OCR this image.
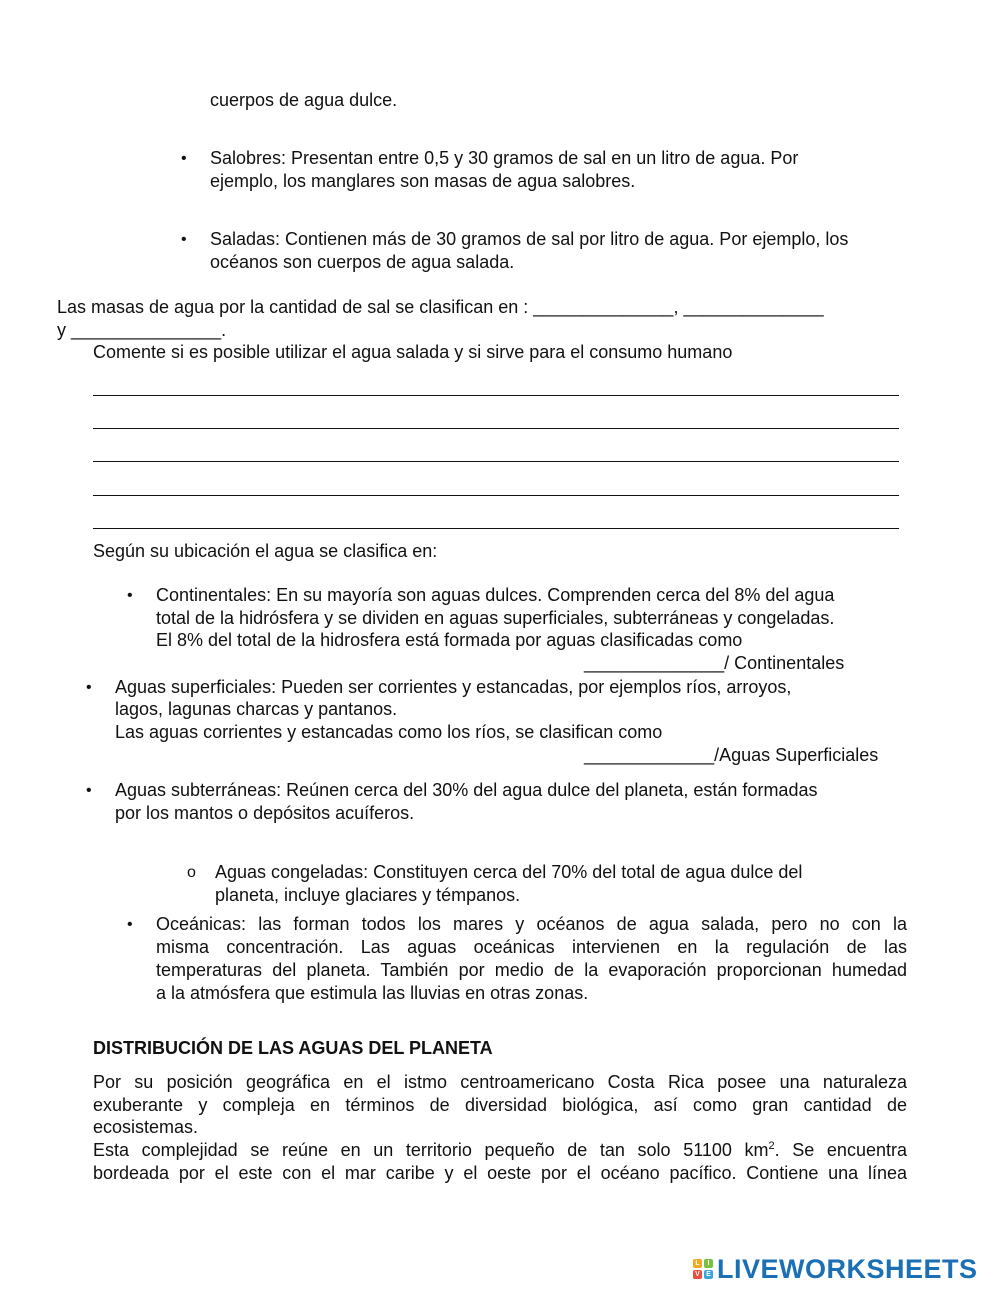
cuerpos de agua dulce.
• Salobres: Presentan entre 0,5 y 30 gramos de sal en un litro de agua. Por
ejemplo, los manglares son masas de agua salobres.
• Saladas: Contienen más de 30 gramos de sal por litro de agua. Por ejemplo, los
océanos son cuerpos de agua salada.
Las masas de agua por la cantidad de sal se clasifican en : ______________, ______________
y _______________.
Comente si es posible utilizar el agua salada y si sirve para el consumo humano
Según su ubicación el agua se clasifica en:
• Continentales: En su mayoría son aguas dulces. Comprenden cerca del 8% del agua
total de la hidrósfera y se dividen en aguas superficiales, subterráneas y congeladas.
El 8% del total de la hidrosfera está formada por aguas clasificadas como
______________/ Continentales
• Aguas superficiales: Pueden ser corrientes y estancadas, por ejemplos ríos, arroyos,
lagos, lagunas charcas y pantanos.
Las aguas corrientes y estancadas como los ríos, se clasifican como
_____________/Aguas Superficiales
• Aguas subterráneas: Reúnen cerca del 30% del agua dulce del planeta, están formadas
por los mantos o depósitos acuíferos.
o Aguas congeladas: Constituyen cerca del 70% del total de agua dulce del
planeta, incluye glaciares y témpanos.
• Oceánicas: las forman todos los mares y océanos de agua salada, pero no con la
misma concentración. Las aguas oceánicas intervienen en la regulación de las
temperaturas del planeta. También por medio de la evaporación proporcionan humedad
a la atmósfera que estimula las lluvias en otras zonas.
DISTRIBUCIÓN DE LAS AGUAS DEL PLANETA
Por su posición geográfica en el istmo centroamericano Costa Rica posee una naturaleza
exuberante y compleja en términos de diversidad biológica, así como gran cantidad de
ecosistemas.
Esta complejidad se reúne en un territorio pequeño de tan solo 51100 $km^2$. Se encuentra
bordeada por el este con el mar caribe y el oeste por el océano pacífico. Contiene una línea
L	I
V E LIVEWORKSHEETS
